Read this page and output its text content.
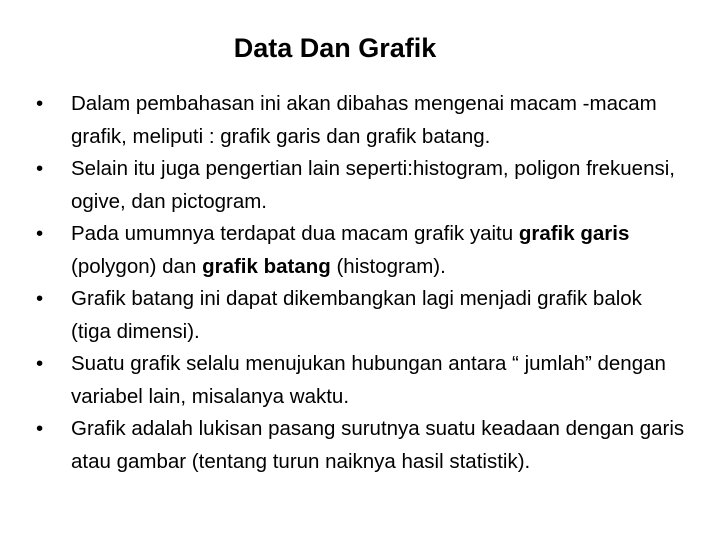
Data Dan Grafik
•	Dalam pembahasan ini akan dibahas mengenai macam -macam grafik, meliputi : grafik garis dan grafik batang.
•	Selain itu juga pengertian lain seperti:histogram, poligon frekuensi, ogive, dan pictogram.
•	Pada umumnya terdapat dua macam grafik yaitu grafik garis (polygon) dan grafik batang (histogram).
•	Grafik batang ini dapat dikembangkan lagi menjadi grafik balok (tiga dimensi).
•	Suatu grafik selalu menujukan hubungan antara “ jumlah” dengan variabel lain, misalanya waktu.
•	Grafik adalah lukisan pasang surutnya suatu keadaan dengan garis atau gambar (tentang turun naiknya hasil statistik).
